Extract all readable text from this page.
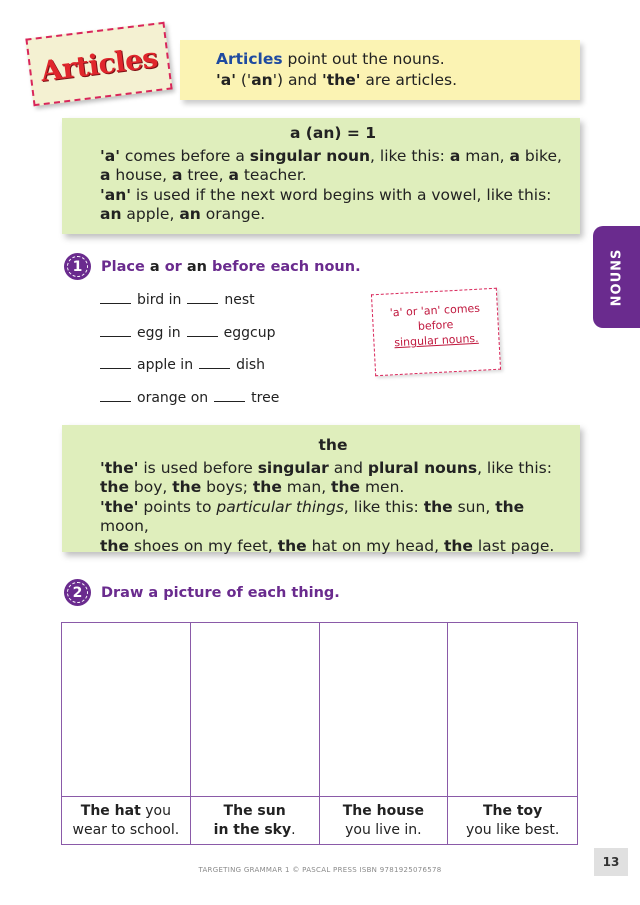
Articles	Articles point out the nouns.
'a' ('an') and 'the' are articles.
a (an) = 1
'a' comes before a singular noun, like this: a man, a bike,
a house, a tree, a teacher.
'an' is used if the next word begins with a vowel, like this:
an apple, an orange.
1 Place a or an before each noun.
bird in	nest
egg in	eggcup
apple in	dish
orange on	tree
'a' or 'an' comes
before
singular nouns.
NOUNS
the
'the' is used before singular and plural nouns, like this:
the boy, the boys; the man, the men.
'the' points to particular things, like this: the sun, the moon,
the shoes on my feet, the hat on my head, the last page.
2 Draw a picture of each thing.
The hat you
wear to school.
The sun
in the sky.
The house
you live in.
The toy
you like best.
TARGETING GRAMMAR 1 © PASCAL PRESS ISBN 9781925076578
13
